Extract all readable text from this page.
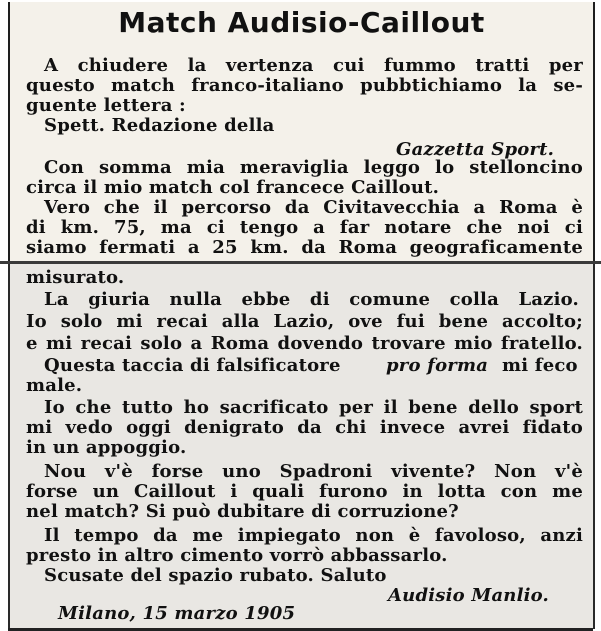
Match Audisio-Caillout
A chiudere la vertenza cui fummo tratti per
questo match franco-italiano pubbtichiamo la se-
guente lettera :
Spett. Redazione della
Gazzetta Sport.
Con somma mia meraviglia leggo lo stelloncino
circa il mio match col francece Caillout.
Vero che il percorso da Civitavecchia a Roma è
di km. 75, ma ci tengo a far notare che noi ci
siamo fermati a 25 km. da Roma geograficamente
misurato.
La giuria nulla ebbe di comune colla Lazio.
Io solo mi recai alla Lazio, ove fui bene accolto;
e mi recai solo a Roma dovendo trovare mio fratello.
Questa taccia di falsificatore	pro forma mi feco
male.
Io che tutto ho sacrificato per il bene dello sport
mi vedo oggi denigrato da chi invece avrei fidato
in un appoggio.
Nou v'è forse uno Spadroni vivente? Non v'è
forse un Caillout i quali furono in lotta con me
nel match? Si può dubitare di corruzione?
Il tempo da me impiegato non è favoloso, anzi
presto in altro cimento vorrò abbassarlo.
Scusate del spazio rubato. Saluto
Audisio Manlio.
Milano, 15 marzo 1905
